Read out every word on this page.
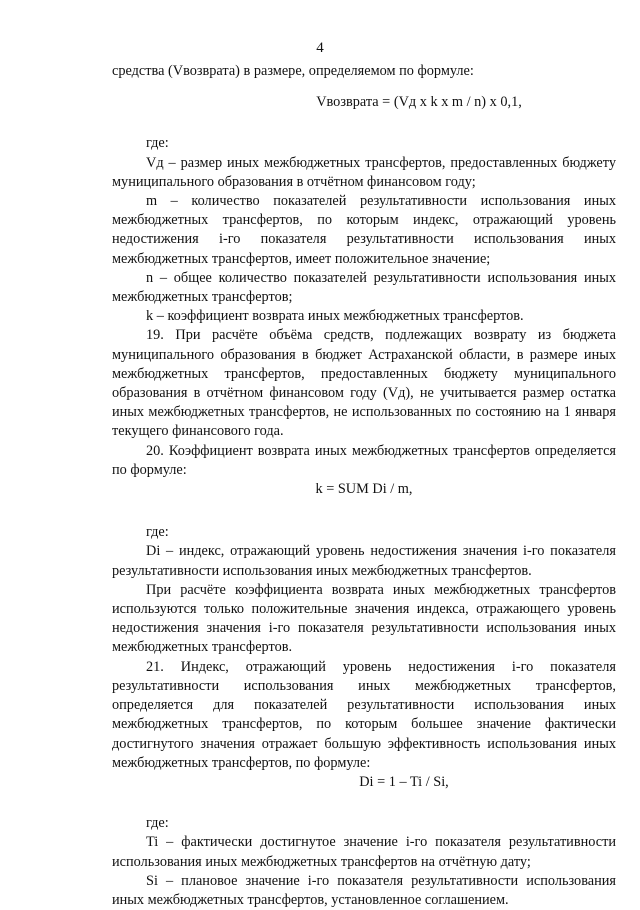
4

средства (Vвозврата) в размере, определяемом по формуле:

Vвозврата = (Vд x k x m / n) x 0,1,

где:

Vд – размер иных межбюджетных трансфертов, предоставленных бюджету муниципального образования в отчётном финансовом году;

m – количество показателей результативности использования иных межбюджетных трансфертов, по которым индекс, отражающий уровень недостижения i-го показателя результативности использования иных межбюджетных трансфертов, имеет положительное значение;

n – общее количество показателей результативности использования иных межбюджетных трансфертов;

k – коэффициент возврата иных межбюджетных трансфертов.

19. При расчёте объёма средств, подлежащих возврату из бюджета муниципального образования в бюджет Астраханской области, в размере иных межбюджетных трансфертов, предоставленных бюджету муниципального образования в отчётном финансовом году (Vд), не учитывается размер остатка иных межбюджетных трансфертов, не использованных по состоянию на 1 января текущего финансового года.

20. Коэффициент возврата иных межбюджетных трансфертов определяется по формуле:

k = SUM Di / m,

где:

Di – индекс, отражающий уровень недостижения значения i-го показателя результативности использования иных межбюджетных трансфертов.

При расчёте коэффициента возврата иных межбюджетных трансфертов используются только положительные значения индекса, отражающего уровень недостижения значения i-го показателя результативности использования иных межбюджетных трансфертов.

21. Индекс, отражающий уровень недостижения i-го показателя результативности использования иных межбюджетных трансфертов, определяется для показателей результативности использования иных межбюджетных трансфертов, по которым большее значение фактически достигнутого значения отражает большую эффективность использования иных межбюджетных трансфертов, по формуле:

Di = 1 – Ti / Si,

где:

Ti – фактически достигнутое значение i-го показателя результативности использования иных межбюджетных трансфертов на отчётную дату;

Si – плановое значение i-го показателя результативности использования иных межбюджетных трансфертов, установленное соглашением.
